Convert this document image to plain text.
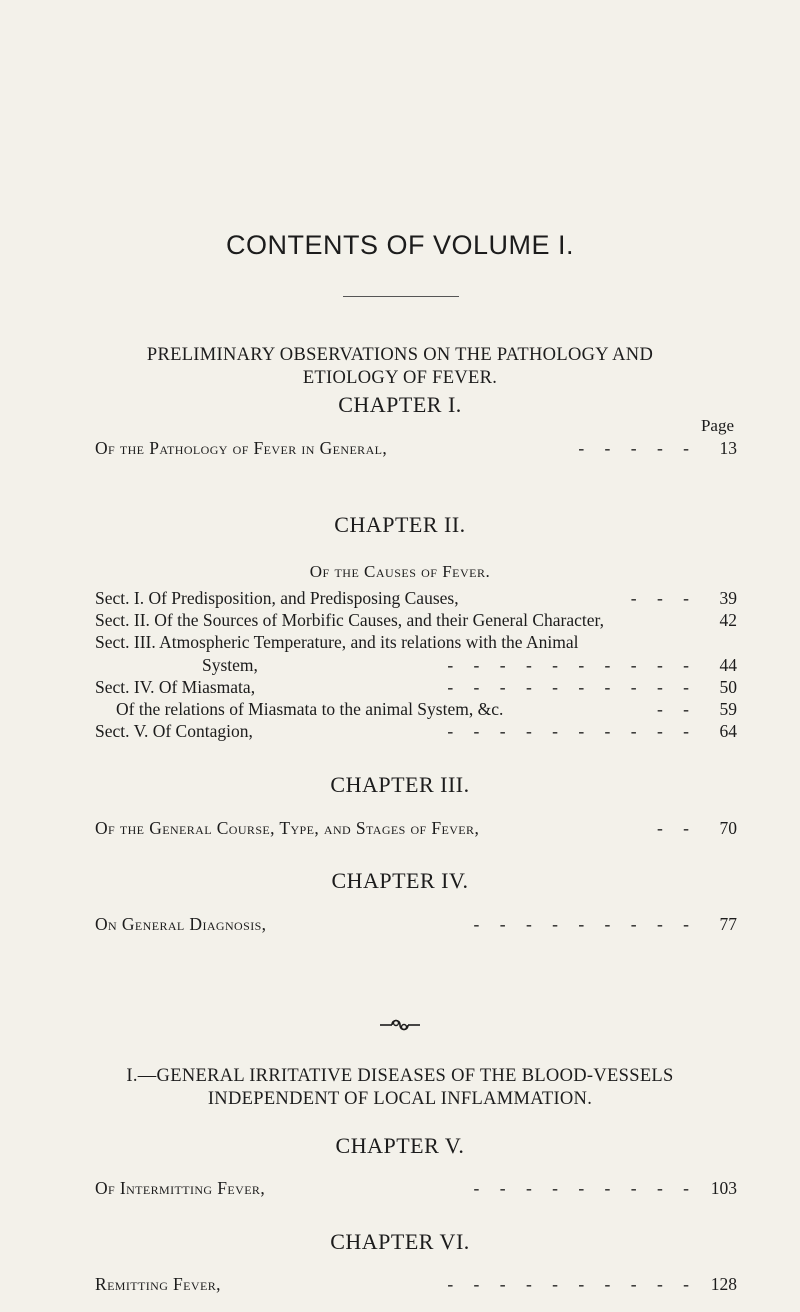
CONTENTS OF VOLUME I.
PRELIMINARY OBSERVATIONS ON THE PATHOLOGY AND
ETIOLOGY OF FEVER.
CHAPTER I.
Page
Of the Pathology of Fever in General,	- - - - -	13
CHAPTER II.
Of the Causes of Fever.
Sect. I. Of Predisposition, and Predisposing Causes,	- - -	39
Sect. II. Of the Sources of Morbific Causes, and their General Character,	42
Sect. III. Atmospheric Temperature, and its relations with the Animal
System,	- - - - - - - - - -	44
Sect. IV. Of Miasmata,	- - - - - - - - - -	50
Of the relations of Miasmata to the animal System, &c.	- -	59
Sect. V. Of Contagion,	- - - - - - - - - -	64
CHAPTER III.
Of the General Course, Type, and Stages of Fever,	- -	70
CHAPTER IV.
On General Diagnosis,	- - - - - - - - -	77
I.—GENERAL IRRITATIVE DISEASES OF THE BLOOD-VESSELS
INDEPENDENT OF LOCAL INFLAMMATION.
CHAPTER V.
Of Intermitting Fever,	- - - - - - - - - 103
CHAPTER VI.
Remitting Fever,	- - - - - - - - - - 128
